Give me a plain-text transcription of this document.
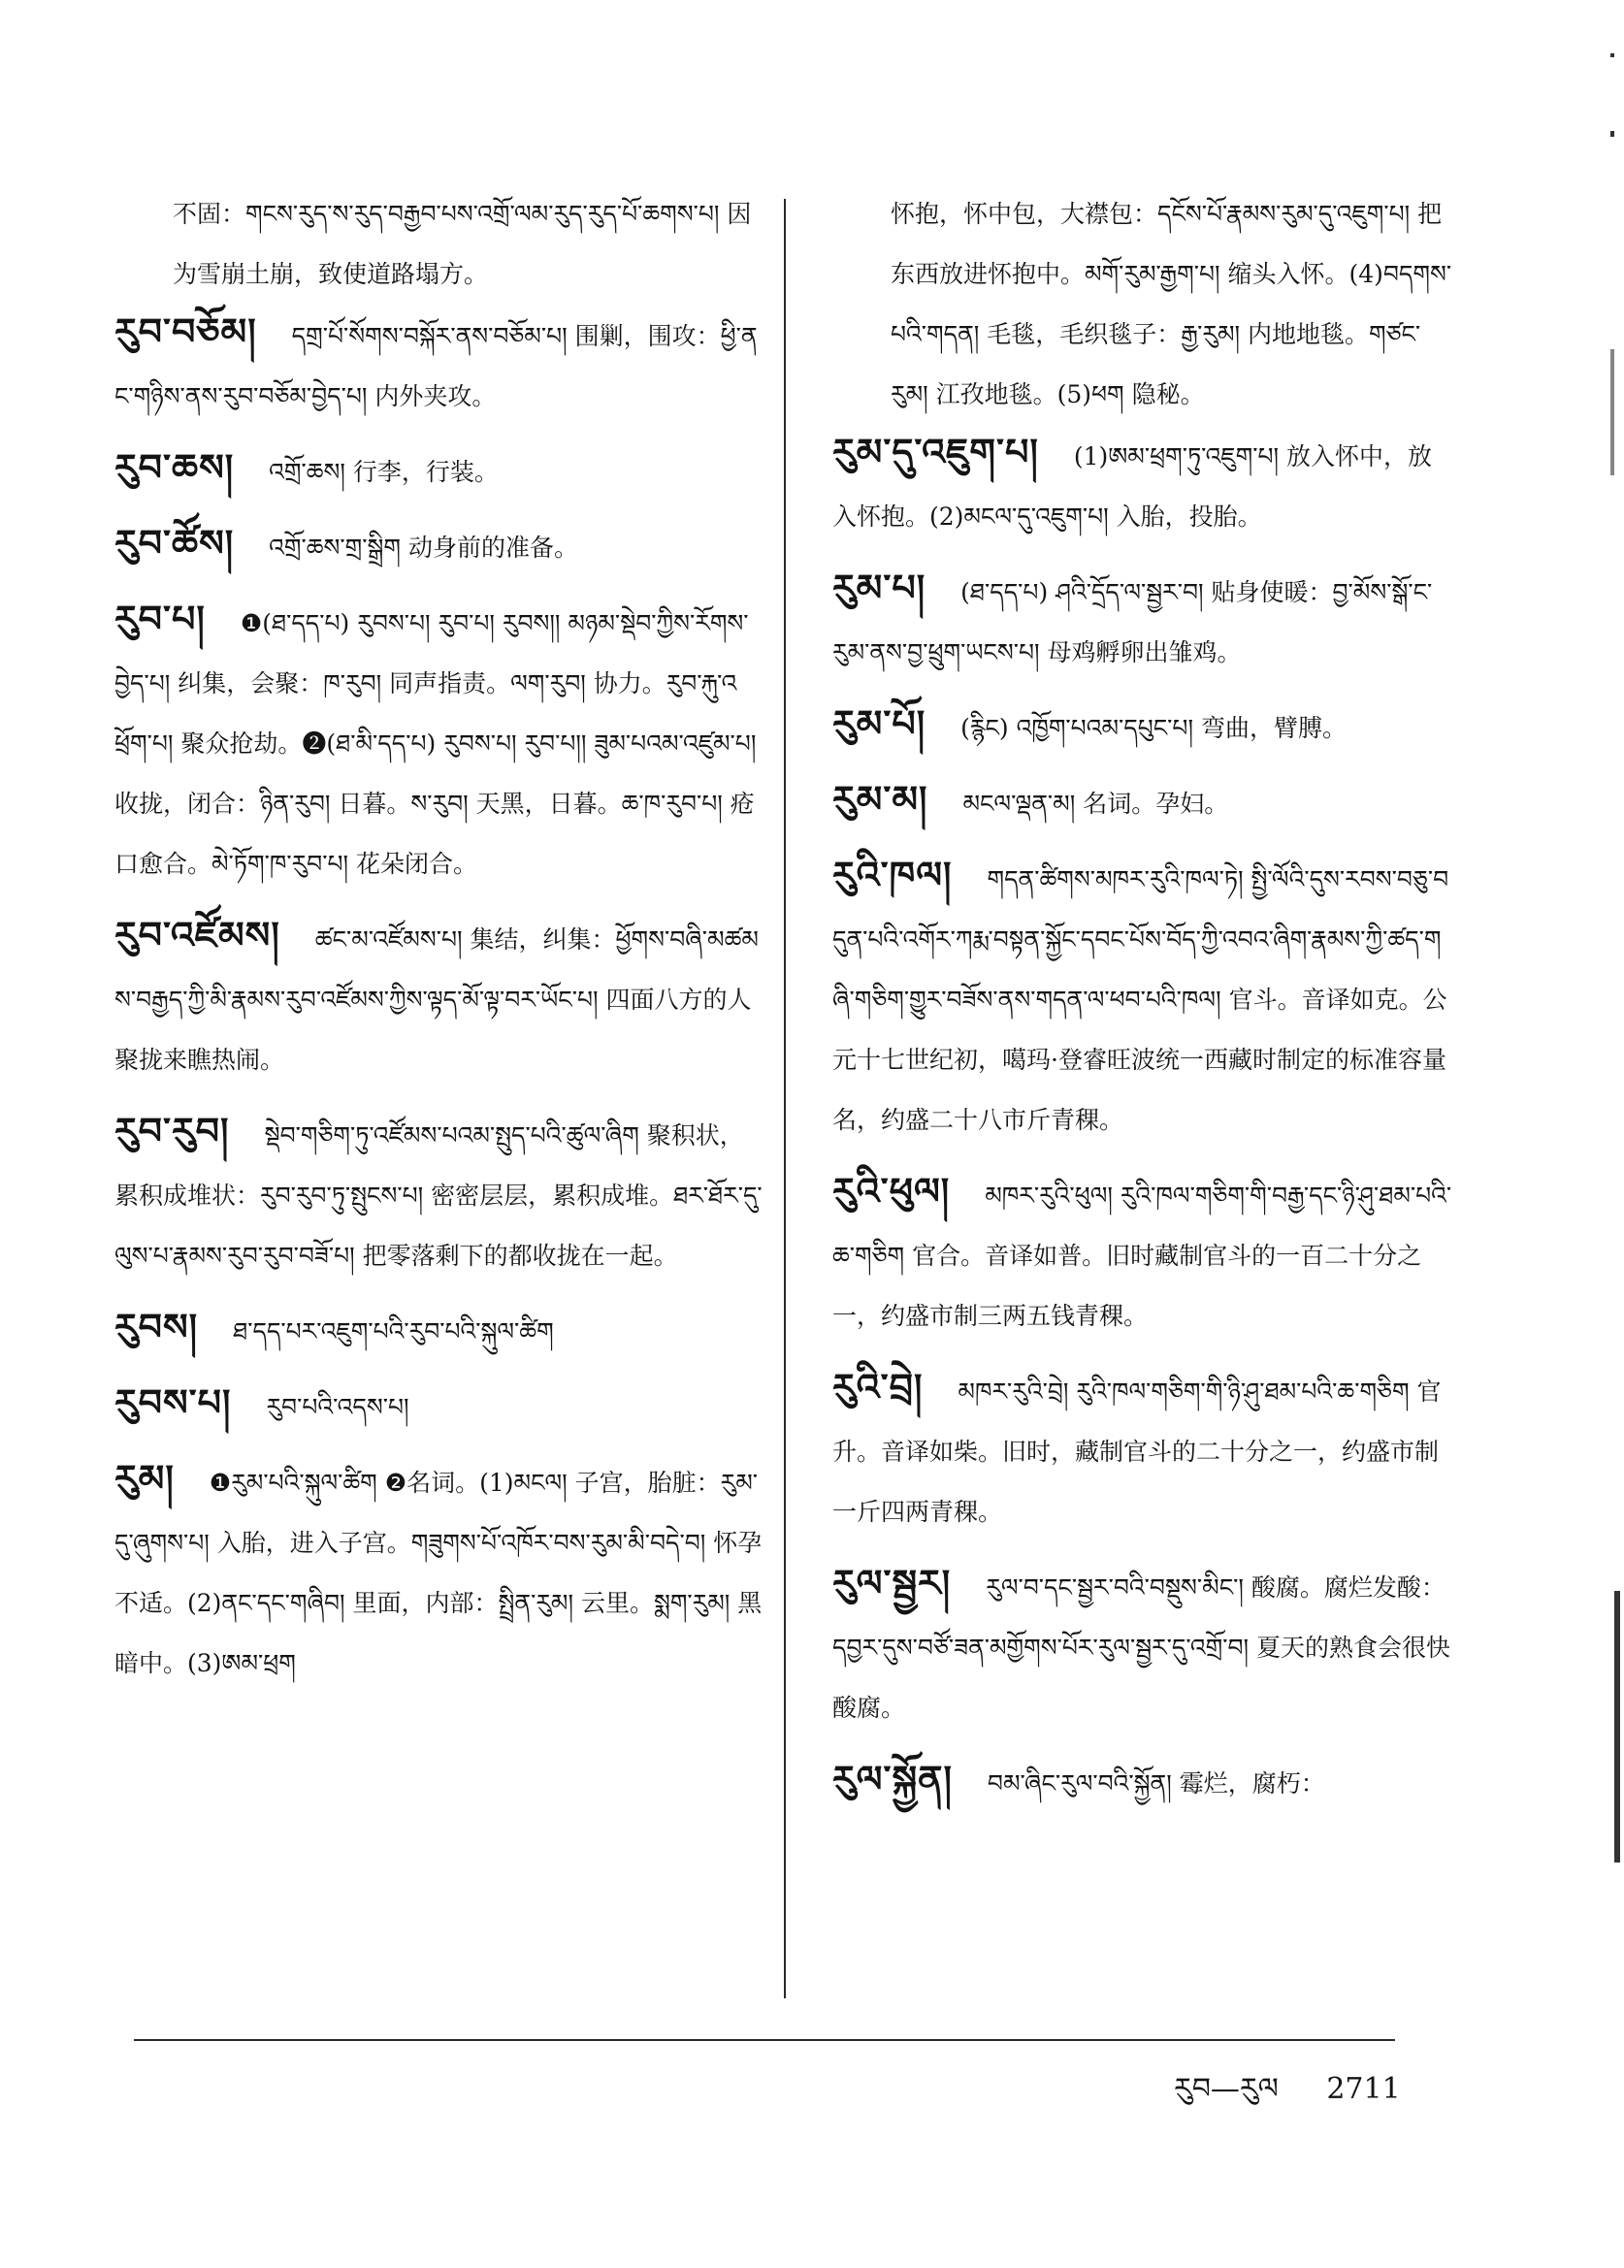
不固：གངས་རུད་ས་རུད་བརྒྱབ་པས་འགྲོ་ལམ་རུད་རུད་པོ་ཆགས་པ། 因为雪崩土崩，致使道路塌方。
རུབ་བཅོམ། དགྲ་པོ་སོགས་བསྐོར་ནས་བཅོམ་པ། 围剿，围攻：ཕྱི་ནང་གཉིས་ནས་རུབ་བཅོམ་བྱེད་པ། 内外夹攻。
རུབ་ཆས། འགྲོ་ཆས། 行李，行装。
རུབ་ཚོས། འགྲོ་ཆས་གྲ་སྒྲིག 动身前的准备。
རུབ་པ། ❶(ཐ་དད་པ) རུབས་པ། རུབ་པ། རུབས།། མཉམ་སྡེབ་ཀྱིས་རོགས་བྱེད་པ། 纠集，会聚：ཁ་རུབ། 同声指责。ལག་རུབ། 协力。རུབ་རྐུ་འཕྲོག་པ། 聚众抢劫。❷(ཐ་མི་དད་པ) རུབས་པ། རུབ་པ།། ཟུམ་པའམ་འཛུམ་པ། 收拢，闭合：ཉིན་རུབ། 日暮。ས་རུབ། 天黑，日暮。ཆ་ཁ་རུབ་པ། 疮口愈合。མེ་ཏོག་ཁ་རུབ་པ། 花朵闭合。
རུབ་འཛོམས། ཚང་མ་འཛོམས་པ། 集结，纠集：ཕྱོགས་བཞི་མཚམས་བརྒྱད་ཀྱི་མི་རྣམས་རུབ་འཛོམས་ཀྱིས་ལྟད་མོ་ལྟ་བར་ཡོང་པ། 四面八方的人聚拢来瞧热闹。
རུབ་རུབ། སྡེབ་གཅིག་ཏུ་འཛོམས་པའམ་སྤུད་པའི་ཚུལ་ཞིག 聚积状，累积成堆状：རུབ་རུབ་ཏུ་སྤུངས་པ། 密密层层，累积成堆。ཐར་ཐོར་དུ་ལུས་པ་རྣམས་རུབ་རུབ་བཟོ་པ། 把零落剩下的都收拢在一起。
རུབས། ཐ་དད་པར་འཇུག་པའི་རུབ་པའི་སྐུལ་ཚིག
རུབས་པ། རུབ་པའི་འདས་པ།
རུམ། ❶རུམ་པའི་སྐུལ་ཚིག ❷名词。(1)མངལ། 子宫，胎脏：རུམ་དུ་ཞུགས་པ། 入胎，进入子宫。གཟུགས་པོ་འཁོར་བས་རུམ་མི་བདེ་བ། 怀孕不适。(2)ནང་དང་གཞིབ། 里面，内部：སྤྲིན་རུམ། 云里。སྨག་རུམ། 黑暗中。(3)ཨམ་ཕྲག
怀抱，怀中包，大襟包：དངོས་པོ་རྣམས་རུམ་དུ་འཇུག་པ། 把东西放进怀抱中。མགོ་རུམ་རྒྱག་པ། 缩头入怀。(4)བདགས་པའི་གདན། 毛毯，毛织毯子：རྒྱ་རུམ། 内地地毯。གཙང་རུམ། 江孜地毯。(5)ཕག 隐秘。
རུམ་དུ་འཇུག་པ། (1)ཨམ་ཕྲག་ཏུ་འཇུག་པ། 放入怀中，放入怀抱。(2)མངལ་དུ་འཇུག་པ། 入胎，投胎。
རུམ་པ། (ཐ་དད་པ) ཤའི་དྲོད་ལ་སྦྱར་བ། 贴身使暖：བྱ་མོས་སྒོ་ང་རུམ་ནས་བྱ་ཕྲུག་ཡངས་པ། 母鸡孵卵出雏鸡。
རུམ་པོ། (རྙིང) འཁྱོག་པའམ་དཔུང་པ། 弯曲，臂膊。
རུམ་མ། མངལ་ལྡན་མ། 名词。孕妇。
རུའི་ཁལ། གདན་ཚིགས་མཁར་རུའི་ཁལ་ཏེ། སྤྱི་ལོའི་དུས་རབས་བཅུ་བདུན་པའི་འགོར་ཀརྨ་བསྟན་སྐྱོང་དབང་པོས་བོད་ཀྱི་འབའ་ཞིག་རྣམས་ཀྱི་ཚད་གཞི་གཅིག་གྱུར་བཟོས་ནས་གདན་ལ་ཕབ་པའི་ཁལ། 官斗。音译如克。公元十七世纪初，噶玛·登睿旺波统一西藏时制定的标准容量名，约盛二十八市斤青稞。
རུའི་ཕུལ། མཁར་རུའི་ཕུལ། རུའི་ཁལ་གཅིག་གི་བརྒྱ་དང་ཉི་ཤུ་ཐམ་པའི་ཆ་གཅིག 官合。音译如普。旧时藏制官斗的一百二十分之一，约盛市制三两五钱青稞。
རུའི་བྲེ། མཁར་རུའི་བྲེ། རུའི་ཁལ་གཅིག་གི་ཉི་ཤུ་ཐམ་པའི་ཆ་གཅིག 官升。音译如柴。旧时，藏制官斗的二十分之一，约盛市制一斤四两青稞。
རུལ་སྦྱར། རུལ་བ་དང་སྦྱར་བའི་བསྡུས་མིང་། 酸腐。腐烂发酸：དབྱར་དུས་བཙོ་ཟན་མགྱོགས་པོར་རུལ་སྦྱར་དུ་འགྲོ་བ། 夏天的熟食会很快酸腐。
རུལ་སྐྱོན། བམ་ཞིང་རུལ་བའི་སྐྱོན། 霉烂，腐朽：
རུབ—རུལ 2711
